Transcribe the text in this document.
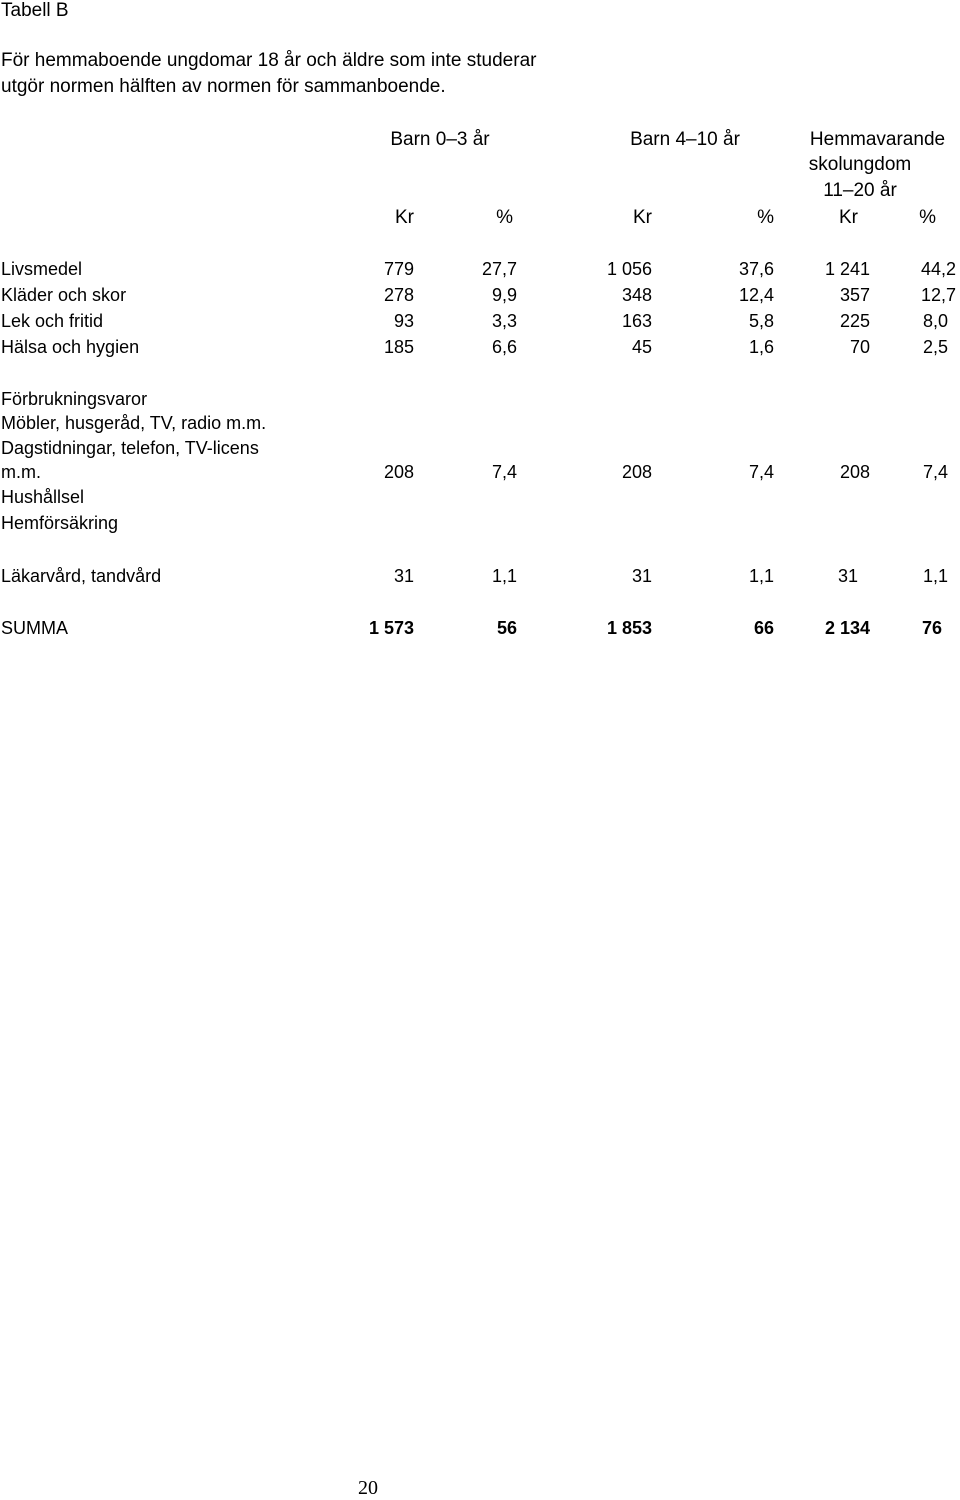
Tabell B
För hemmaboende ungdomar 18 år och äldre som inte studerar
utgör normen hälften av normen för sammanboende.
Barn 0–3 år	Barn 4–10 år	Hemmavarande
skolungdom
11–20 år
Kr	%	Kr	%	Kr	%
Livsmedel	779	27,7	1 056	37,6	1 241	44,2
Kläder och skor	278	9,9	348	12,4	357	12,7
Lek och fritid	93	3,3	163	5,8	225	8,0
Hälsa och hygien	185	6,6	45	1,6	70	2,5
Förbrukningsvaror
Möbler, husgeråd, TV, radio m.m.
Dagstidningar, telefon, TV-licens
m.m.
Hushållsel
Hemförsäkring
208	7,4	208	7,4	208	7,4
Läkarvård, tandvård	31	1,1	31	1,1	31	1,1
SUMMA	1 573	56	1 853	66	2 134	76
20
